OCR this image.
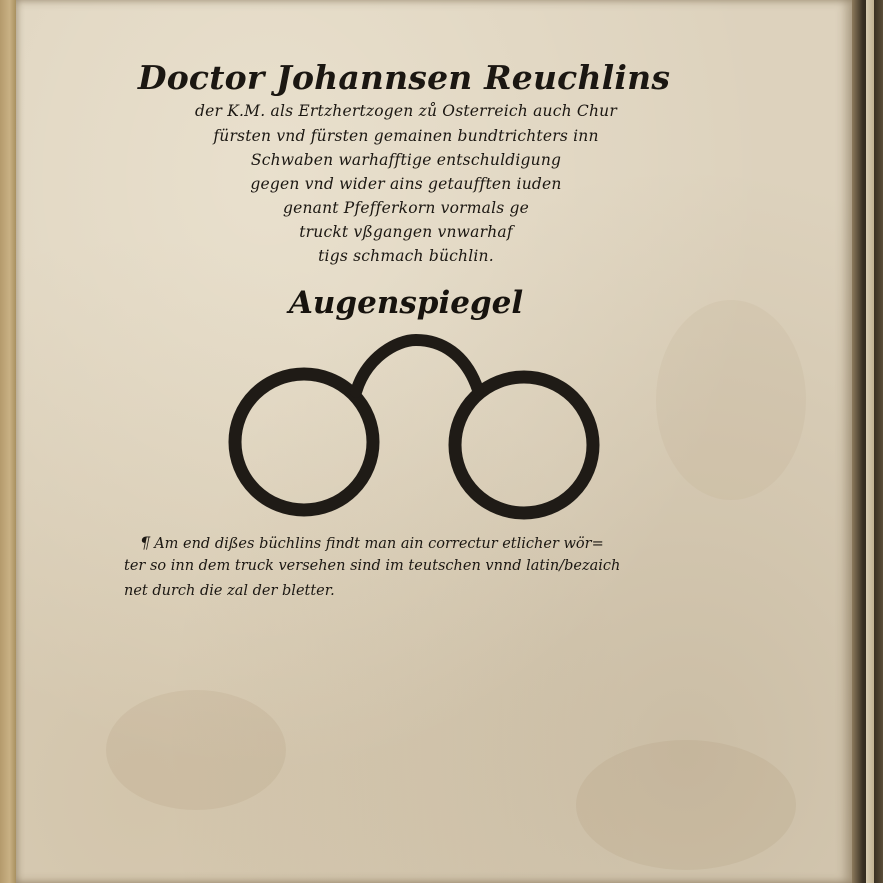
Doctor Johannsen Reuchlins
der K.M. als Ertzhertzogen zů Osterreich auch Chur
fürsten vnd fürsten gemainen bundtrichters inn
Schwaben warhafftige entschuldigung
gegen vnd wider ains getaufften iuden
genant Pfefferkorn vormals ge
truckt vßgangen vnwarhaf
tigs schmach büchlin.
Augenspiegel
¶ Am end dißes büchlins findt man ain correctur etlicher wör=
ter so inn dem truck versehen sind im teutschen vnnd latin/bezaich
net durch die zal der bletter.
